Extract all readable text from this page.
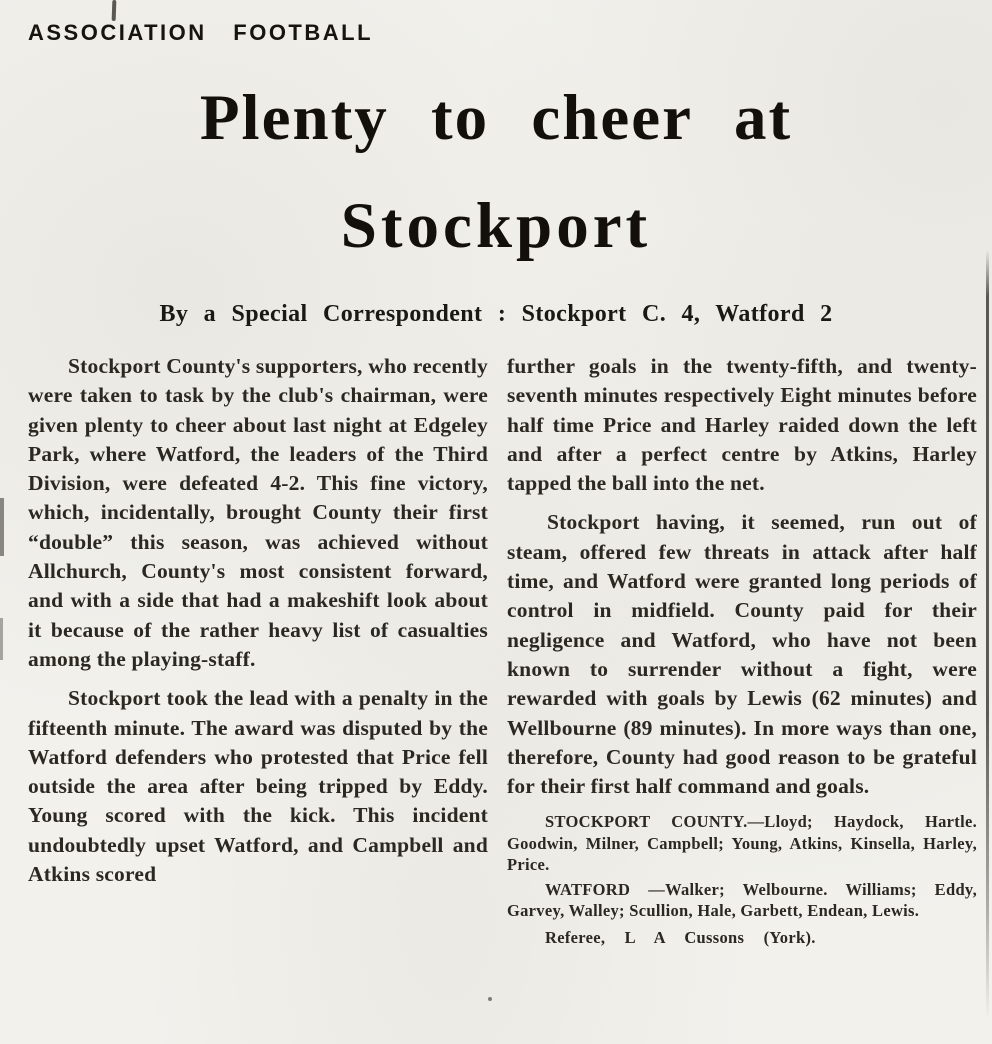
ASSOCIATION FOOTBALL
Plenty to cheer at
Stockport

By a Special Correspondent : Stockport C. 4, Watford 2

Stockport County's supporters, who recently were taken to task by the club's chairman, were given plenty to cheer about last night at Edgeley Park, where Watford, the leaders of the Third Division, were defeated 4-2. This fine victory, which, incidentally, brought County their first “double” this season, was achieved without Allchurch, County's most consistent forward, and with a side that had a makeshift look about it because of the rather heavy list of casualties among the playing-staff.

Stockport took the lead with a penalty in the fifteenth minute. The award was disputed by the Watford defenders who protested that Price fell outside the area after being tripped by Eddy. Young scored with the kick. This incident undoubtedly upset Watford, and Campbell and Atkins scored

further goals in the twenty-fifth, and twenty-seventh minutes respectively Eight minutes before half time Price and Harley raided down the left and after a perfect centre by Atkins, Harley tapped the ball into the net.

Stockport having, it seemed, run out of steam, offered few threats in attack after half time, and Watford were granted long periods of control in midfield. County paid for their negligence and Watford, who have not been known to surrender without a fight, were rewarded with goals by Lewis (62 minutes) and Wellbourne (89 minutes). In more ways than one, therefore, County had good reason to be grateful for their first half command and goals.

STOCKPORT COUNTY.—Lloyd; Haydock, Hartle. Goodwin, Milner, Campbell; Young, Atkins, Kinsella, Harley, Price.

WATFORD —Walker; Welbourne. Williams; Eddy, Garvey, Walley; Scullion, Hale, Garbett, Endean, Lewis.

Referee, L A Cussons (York).
